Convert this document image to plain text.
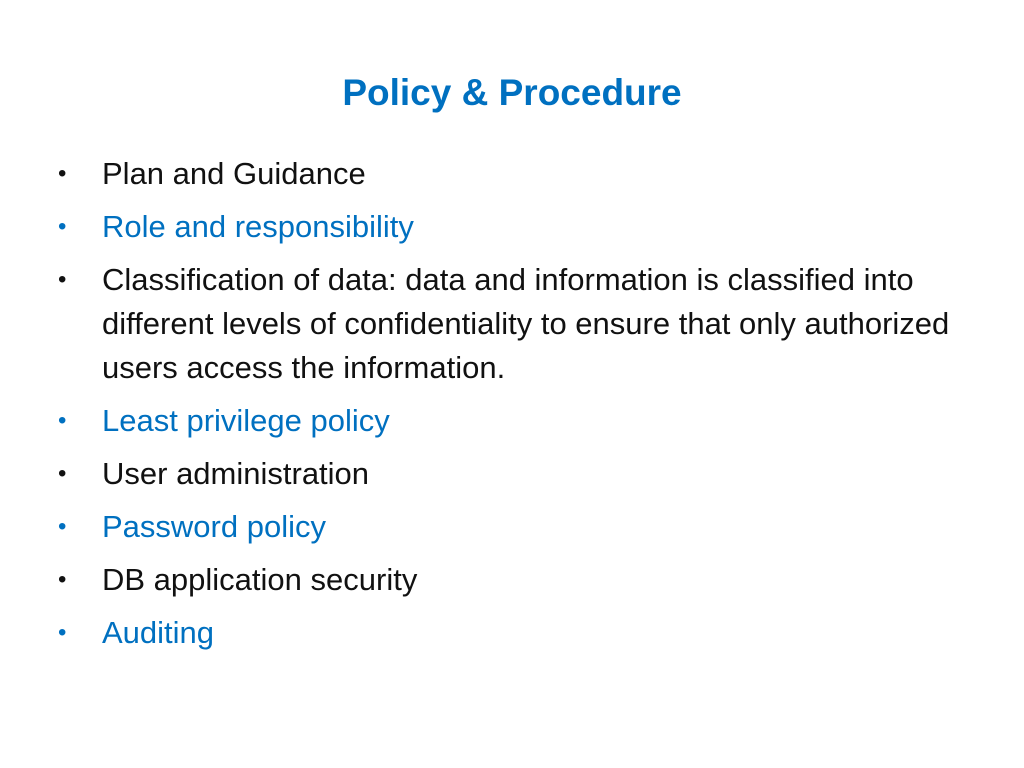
Policy & Procedure
•	Plan and Guidance
•	Role and responsibility
•	Classification of data: data and information is classified into different levels of confidentiality to ensure that only authorized users access the information.
•	Least privilege policy
•	User administration
•	Password policy
•	DB application security
•	Auditing
